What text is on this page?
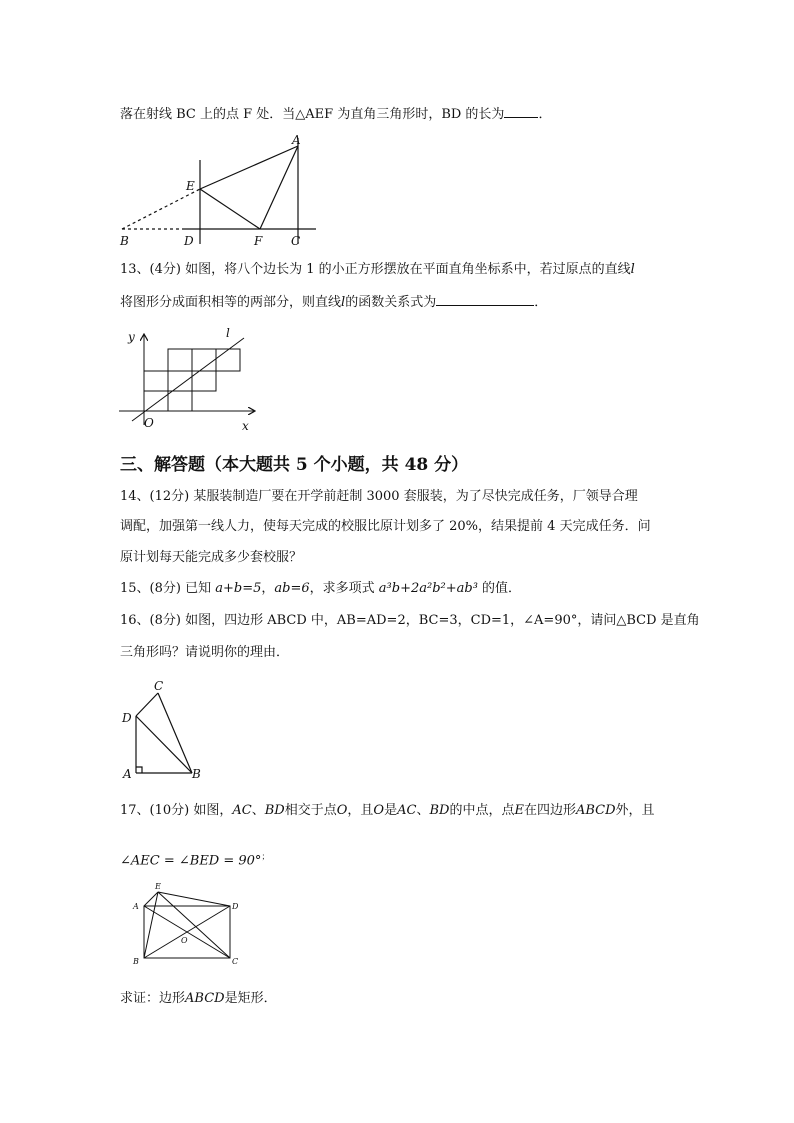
落在射线 BC 上的点 F 处．当△AEF 为直角三角形时，BD 的长为	．
A
E
B	D	F C
13、(4分) 如图，将八个边长为 1 的小正方形摆放在平面直角坐标系中，若过原点的直线l
将图形分成面积相等的两部分，则直线l的函数关系式为	．
y
x
O
l
三、解答题（本大题共 5 个小题，共 48 分）
14、(12分) 某服装制造厂要在开学前赶制 3000 套服装，为了尽快完成任务，厂领导合理
调配，加强第一线人力，使每天完成的校服比原计划多了 20%，结果提前 4 天完成任务．问
原计划每天能完成多少套校服？
15、(8分) 已知 a+b=5，ab=6，求多项式 a³b+2a²b²+ab³ 的值．
16、(8分) 如图，四边形 ABCD 中，AB=AD=2，BC=3，CD=1，∠A=90°，请问△BCD 是直角
三角形吗？请说明你的理由．
C
D
A	B
17、(10分) 如图，AC、BD相交于点O，且O是AC、BD的中点，点E在四边形ABCD外，且
∠AEC = ∠BED = 90°；
E
A	D
O
B	C
求证：边形ABCD是矩形．
